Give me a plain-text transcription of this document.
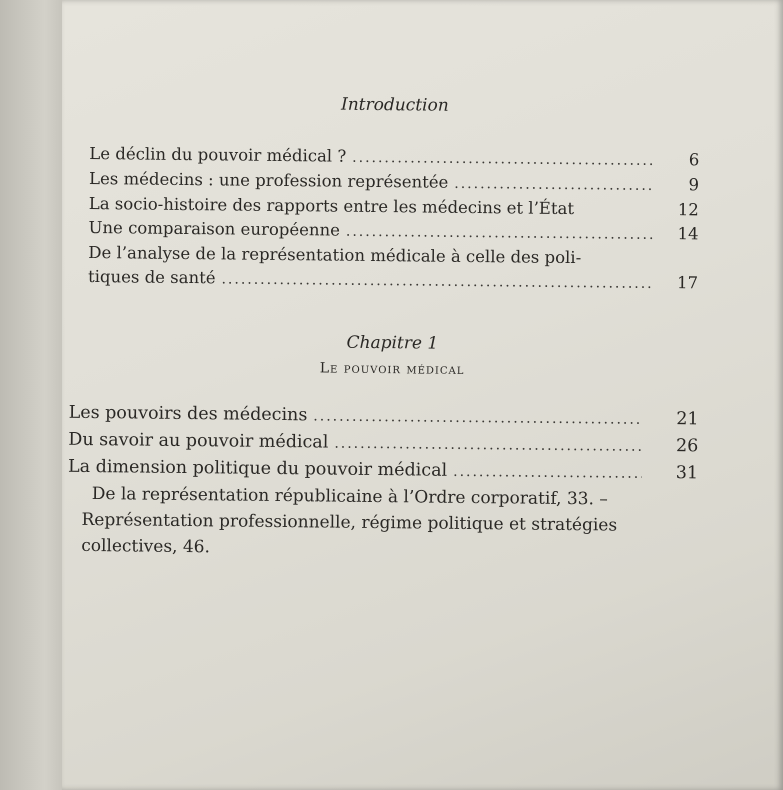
Introduction
Le déclin du pouvoir médical ? .....	6
Les médecins : une profession représentée .....	9
La socio-histoire des rapports entre les médecins et l’État	12
Une comparaison européenne .....	14
De l’analyse de la représentation médicale à celle des poli-
tiques de santé .....	17
Chapitre 1
Le pouvoir médical
Les pouvoirs des médecins .....	21
Du savoir au pouvoir médical .....	26
La dimension politique du pouvoir médical .....	31
De la représentation républicaine à l’Ordre corporatif, 33. – Représentation professionnelle, régime politique et stratégies collectives, 46.
